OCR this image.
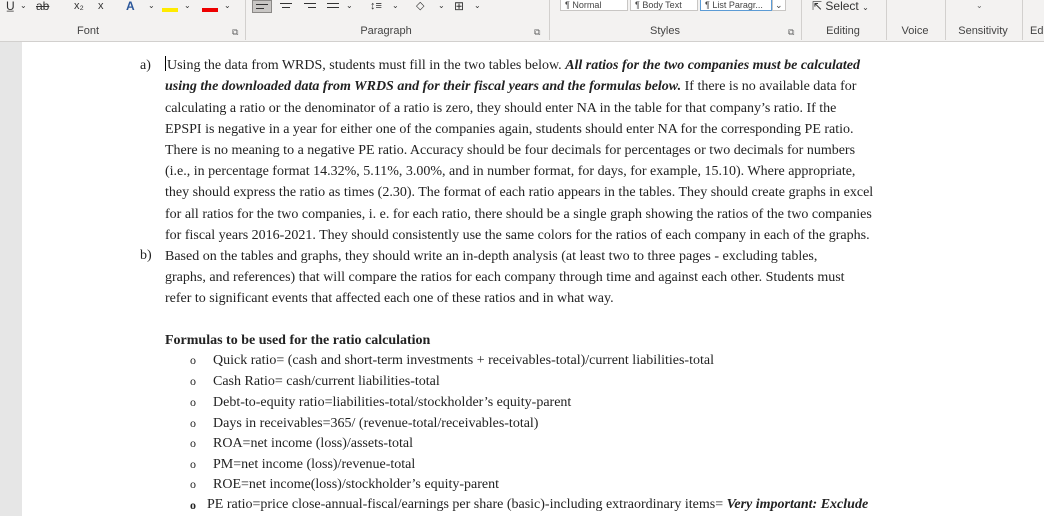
U̲ ⌄ ab x₂ x A ⌄	⌄	⌄
Font	⧉
⌄ ↕≡ ⌄ ◇ ⌄ ⊞ ⌄
Paragraph	⧉
¶ Normal	¶ Body Text	¶ List Paragr...	⌄
Styles	⧉
⇱ Select ⌄
Editing	Voice
⌄
Sensitivity	Ed
a) Using the data from WRDS, students must fill in the two tables below. All ratios for the two companies must be calculated
using the downloaded data from WRDS and for their fiscal years and the formulas below. If there is no available data for
calculating a ratio or the denominator of a ratio is zero, they should enter NA in the table for that company’s ratio. If the
EPSPI is negative in a year for either one of the companies again, students should enter NA for the corresponding PE ratio.
There is no meaning to a negative PE ratio. Accuracy should be four decimals for percentages or two decimals for numbers
(i.e., in percentage format 14.32%, 5.11%, 3.00%, and in number format, for days, for example, 15.10). Where appropriate,
they should express the ratio as times (2.30). The format of each ratio appears in the tables. They should create graphs in excel
for all ratios for the two companies, i. e. for each ratio, there should be a single graph showing the ratios of the two companies
for fiscal years 2016-2021. They should consistently use the same colors for the ratios of each company in each of the graphs.
b) Based on the tables and graphs, they should write an in-depth analysis (at least two to three pages - excluding tables,
graphs, and references) that will compare the ratios for each company through time and against each other. Students must
refer to significant events that affected each one of these ratios and in what way.
Formulas to be used for the ratio calculation
o Quick ratio= (cash and short-term investments + receivables-total)/current liabilities-total
o Cash Ratio= cash/current liabilities-total
o Debt-to-equity ratio=liabilities-total/stockholder’s equity-parent
o Days in receivables=365/ (revenue-total/receivables-total)
o ROA=net income (loss)/assets-total
o PM=net income (loss)/revenue-total
o ROE=net income(loss)/stockholder’s equity-parent
o PE ratio=price close-annual-fiscal/earnings per share (basic)-including extraordinary items= Very important: Exclude
